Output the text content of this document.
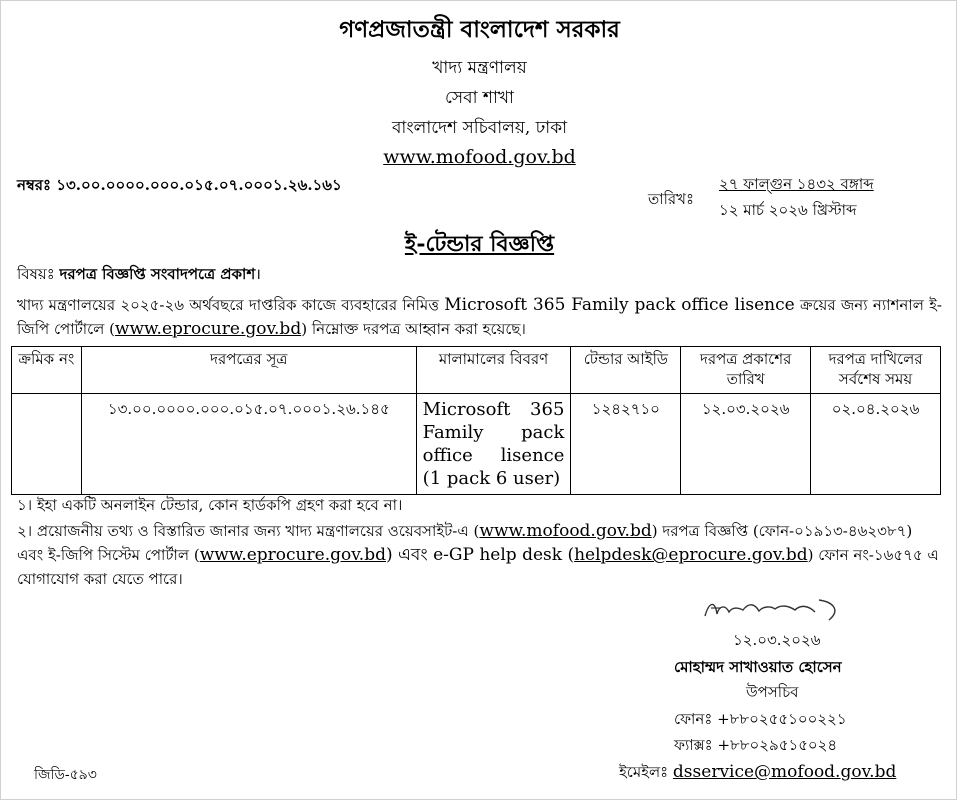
গণপ্রজাতন্ত্রী বাংলাদেশ সরকার
খাদ্য মন্ত্রণালয়
সেবা শাখা
বাংলাদেশ সচিবালয়, ঢাকা
www.mofood.gov.bd
নম্বরঃ ১৩.০০.০০০০.০০০.০১৫.০৭.০০০১.২৬.১৬১
তারিখঃ
২৭ ফাল্গুন ১৪৩২ বঙ্গাব্দ
১২ মার্চ ২০২৬ খ্রিস্টাব্দ
ই-টেন্ডার বিজ্ঞপ্তি
বিষয়ঃ দরপত্র বিজ্ঞপ্তি সংবাদপত্রে প্রকাশ।
খাদ্য মন্ত্রণালয়ের ২০২৫-২৬ অর্থবছরে দাপ্তরিক কাজে ব্যবহারের নিমিত্ত Microsoft 365 Family pack office lisence ক্রয়ের জন্য ন্যাশনাল ই-জিপি পোর্টালে (www.eprocure.gov.bd) নিম্নোক্ত দরপত্র আহ্বান করা হয়েছে।
ক্রমিক নং	দরপত্রের সূত্র	মালামালের বিবরণ	টেন্ডার আইডি	দরপত্র প্রকাশের তারিখ	দরপত্র দাখিলের সর্বশেষ সময়
	১৩.০০.০০০০.০০০.০১৫.০৭.০০০১.২৬.১৪৫	Microsoft 365 Family pack office lisence (1 pack 6 user)	১২৪২৭১০	১২.০৩.২০২৬	০২.০৪.২০২৬
১। ইহা একটি অনলাইন টেন্ডার, কোন হার্ডকপি গ্রহণ করা হবে না।
২। প্রয়োজনীয় তথ্য ও বিস্তারিত জানার জন্য খাদ্য মন্ত্রণালয়ের ওয়েবসাইট-এ (www.mofood.gov.bd) দরপত্র বিজ্ঞপ্তি (ফোন-০১৯১৩-৪৬২৩৮৭) এবং ই-জিপি সিস্টেম পোর্টাল (www.eprocure.gov.bd) এবং e-GP help desk (helpdesk@eprocure.gov.bd) ফোন নং-১৬৫৭৫ এ যোগাযোগ করা যেতে পারে।
১২.০৩.২০২৬
মোহাম্মদ সাখাওয়াত হোসেন
উপসচিব
ফোনঃ +৮৮০২৫৫১০০২২১
ফ্যাক্সঃ +৮৮০২৯৫১৫০২৪
ইমেইলঃ dsservice@mofood.gov.bd
জিডি-৫৯৩
